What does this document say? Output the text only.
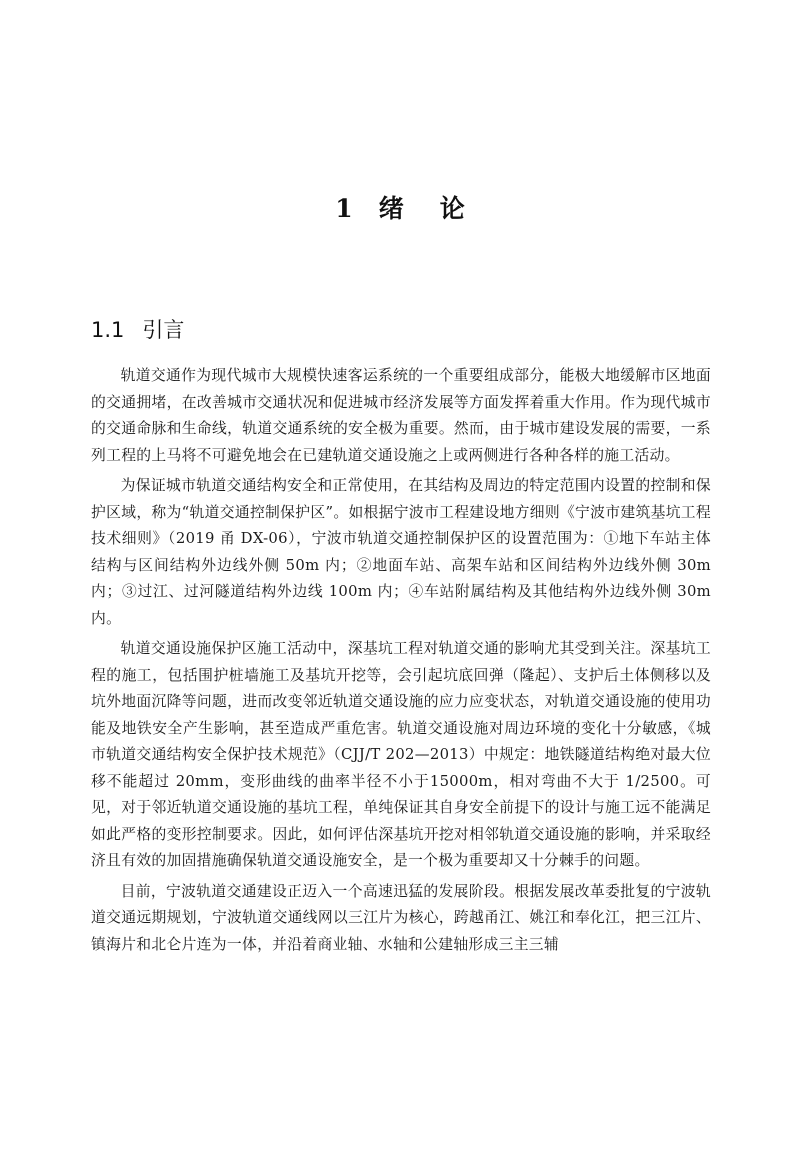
1 绪 论
1.1 引言

轨道交通作为现代城市大规模快速客运系统的一个重要组成部分，能极大地缓解市区地面的交通拥堵，在改善城市交通状况和促进城市经济发展等方面发挥着重大作用。作为现代城市的交通命脉和生命线，轨道交通系统的安全极为重要。然而，由于城市建设发展的需要，一系列工程的上马将不可避免地会在已建轨道交通设施之上或两侧进行各种各样的施工活动。

为保证城市轨道交通结构安全和正常使用，在其结构及周边的特定范围内设置的控制和保护区域，称为“轨道交通控制保护区”。如根据宁波市工程建设地方细则《宁波市建筑基坑工程技术细则》（2019 甬 DX-06），宁波市轨道交通控制保护区的设置范围为：①地下车站主体结构与区间结构外边线外侧 50m 内；②地面车站、高架车站和区间结构外边线外侧 30m 内；③过江、过河隧道结构外边线 100m 内；④车站附属结构及其他结构外边线外侧 30m 内。

轨道交通设施保护区施工活动中，深基坑工程对轨道交通的影响尤其受到关注。深基坑工程的施工，包括围护桩墙施工及基坑开挖等，会引起坑底回弹（隆起）、支护后土体侧移以及坑外地面沉降等问题，进而改变邻近轨道交通设施的应力应变状态，对轨道交通设施的使用功能及地铁安全产生影响，甚至造成严重危害。轨道交通设施对周边环境的变化十分敏感，《城市轨道交通结构安全保护技术规范》（CJJ/T 202—2013）中规定：地铁隧道结构绝对最大位移不能超过 20mm，变形曲线的曲率半径不小于15000m，相对弯曲不大于 1/2500。可见，对于邻近轨道交通设施的基坑工程，单纯保证其自身安全前提下的设计与施工远不能满足如此严格的变形控制要求。因此，如何评估深基坑开挖对相邻轨道交通设施的影响，并采取经济且有效的加固措施确保轨道交通设施安全，是一个极为重要却又十分棘手的问题。

目前，宁波轨道交通建设正迈入一个高速迅猛的发展阶段。根据发展改革委批复的宁波轨道交通远期规划，宁波轨道交通线网以三江片为核心，跨越甬江、姚江和奉化江，把三江片、镇海片和北仑片连为一体，并沿着商业轴、水轴和公建轴形成三主三辅
